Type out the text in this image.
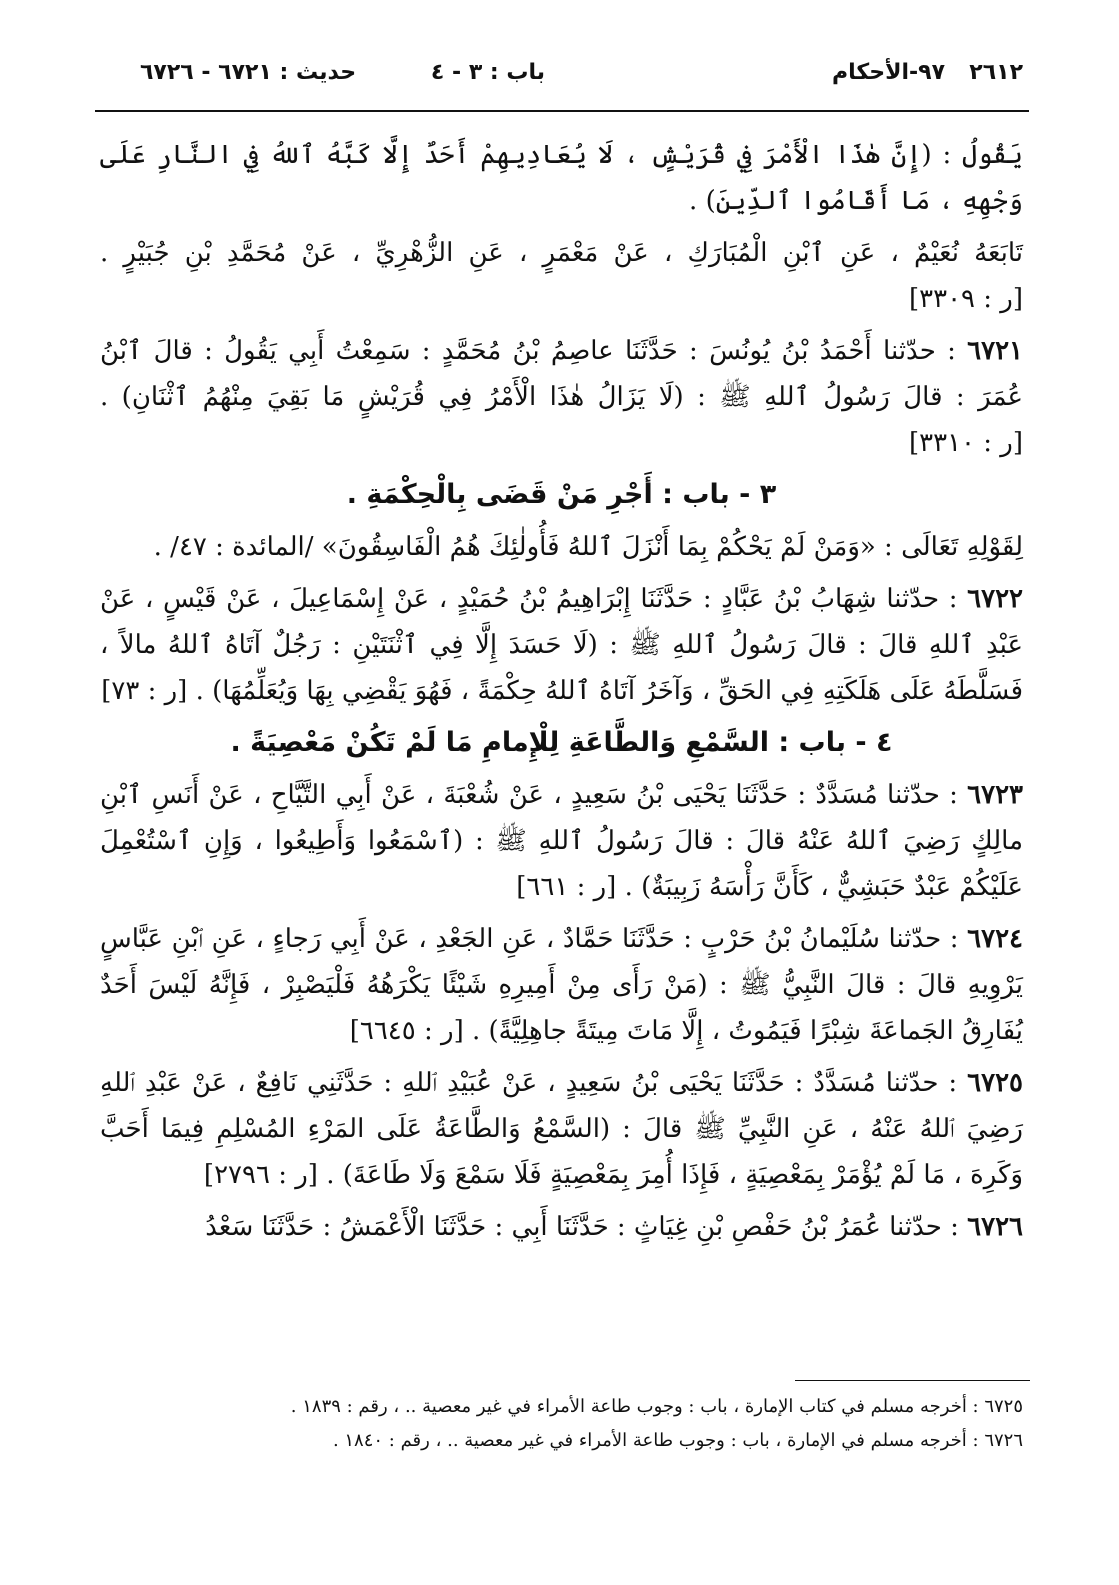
٢٦١٢
٩٧-الأحكام
باب : ٣ - ٤
حديث : ٦٧٢١ - ٦٧٢٦

يَقُولُ : (إِنَّ هٰذَا الْأَمْرَ فِي قُرَيْشٍ ، لَا يُعَادِيهِمْ أَحَدٌ إِلَّا كَبَّهُ ٱللهُ فِي النَّارِ عَلَى وَجْهِهِ ، مَا أَقَامُوا ٱلدِّينَ) .

تَابَعَهُ نُعَيْمٌ ، عَنِ ٱبْنِ الْمُبَارَكِ ، عَنْ مَعْمَرٍ ، عَنِ الزُّهْرِيِّ ، عَنْ مُحَمَّدِ بْنِ جُبَيْرٍ . [ر : ٣٣٠٩]

٦٧٢١ : حدّثنا أَحْمَدُ بْنُ يُونُسَ : حَدَّثَنَا عاصِمُ بْنُ مُحَمَّدٍ : سَمِعْتُ أَبِي يَقُولُ : قالَ ٱبْنُ عُمَرَ : قالَ رَسُولُ ٱللهِ ﷺ : (لَا يَزَالُ هٰذَا الْأَمْرُ فِي قُرَيْشٍ مَا بَقِيَ مِنْهُمُ ٱثْنَانِ) . [ر : ٣٣١٠]

٣ - باب : أَجْرِ مَنْ قَضَى بِالْحِكْمَةِ .

لِقَوْلِهِ تَعَالَى : «وَمَنْ لَمْ يَحْكُمْ بِمَا أَنْزَلَ ٱللهُ فَأُولٰئِكَ هُمُ الْفَاسِقُونَ» /المائدة : ٤٧/ .

٦٧٢٢ : حدّثنا شِهَابُ بْنُ عَبَّادٍ : حَدَّثَنَا إِبْرَاهِيمُ بْنُ حُمَيْدٍ ، عَنْ إِسْمَاعِيلَ ، عَنْ قَيْسٍ ، عَنْ عَبْدِ ٱللهِ قالَ : قالَ رَسُولُ ٱللهِ ﷺ : (لَا حَسَدَ إِلَّا فِي ٱثْنَتَيْنِ : رَجُلٌ آتَاهُ ٱللهُ مالاً ، فَسَلَّطَهُ عَلَى هَلَكَتِهِ فِي الحَقِّ ، وَآخَرُ آتَاهُ ٱللهُ حِكْمَةً ، فَهُوَ يَقْضِي بِهَا وَيُعَلِّمُهَا) . [ر : ٧٣]

٤ - باب : السَّمْعِ وَالطَّاعَةِ لِلْإِمامِ مَا لَمْ تَكُنْ مَعْصِيَةً .

٦٧٢٣ : حدّثنا مُسَدَّدٌ : حَدَّثَنَا يَحْيَى بْنُ سَعِيدٍ ، عَنْ شُعْبَةَ ، عَنْ أَبِي التَّيَّاحِ ، عَنْ أَنَسِ ٱبْنِ مالِكٍ رَضِيَ ٱللهُ عَنْهُ قالَ : قالَ رَسُولُ ٱللهِ ﷺ : (ٱسْمَعُوا وَأَطِيعُوا ، وَإِنِ ٱسْتُعْمِلَ عَلَيْكُمْ عَبْدٌ حَبَشِيٌّ ، كَأَنَّ رَأْسَهُ زَبِيبَةٌ) . [ر : ٦٦١]

٦٧٢٤ : حدّثنا سُلَيْمانُ بْنُ حَرْبٍ : حَدَّثَنَا حَمَّادٌ ، عَنِ الجَعْدِ ، عَنْ أَبِي رَجاءٍ ، عَنِ ٱبْنِ عَبَّاسٍ يَرْوِيهِ قالَ : قالَ النَّبِيُّ ﷺ : (مَنْ رَأَى مِنْ أَمِيرِهِ شَيْئًا يَكْرَهُهُ فَلْيَصْبِرْ ، فَإِنَّهُ لَيْسَ أَحَدٌ يُفَارِقُ الجَماعَةَ شِبْرًا فَيَمُوتُ ، إِلَّا مَاتَ مِيتَةً جاهِلِيَّةً) . [ر : ٦٦٤٥]

٦٧٢٥ : حدّثنا مُسَدَّدٌ : حَدَّثَنَا يَحْيَى بْنُ سَعِيدٍ ، عَنْ عُبَيْدِ ٱللهِ : حَدَّثَنِي نَافِعٌ ، عَنْ عَبْدِ ٱللهِ رَضِيَ ٱللهُ عَنْهُ ، عَنِ النَّبِيِّ ﷺ قالَ : (السَّمْعُ وَالطَّاعَةُ عَلَى المَرْءِ المُسْلِمِ فِيمَا أَحَبَّ وَكَرِهَ ، مَا لَمْ يُؤْمَرْ بِمَعْصِيَةٍ ، فَإِذَا أُمِرَ بِمَعْصِيَةٍ فَلَا سَمْعَ وَلَا طَاعَةَ) . [ر : ٢٧٩٦]

٦٧٢٦ : حدّثنا عُمَرُ بْنُ حَفْصِ بْنِ غِيَاثٍ : حَدَّثَنَا أَبِي : حَدَّثَنَا الْأَعْمَشُ : حَدَّثَنَا سَعْدُ

٦٧٢٥ : أخرجه مسلم في كتاب الإمارة ، باب : وجوب طاعة الأمراء في غير معصية .. ، رقم : ١٨٣٩ .

٦٧٢٦ : أخرجه مسلم في الإمارة ، باب : وجوب طاعة الأمراء في غير معصية .. ، رقم : ١٨٤٠ .
